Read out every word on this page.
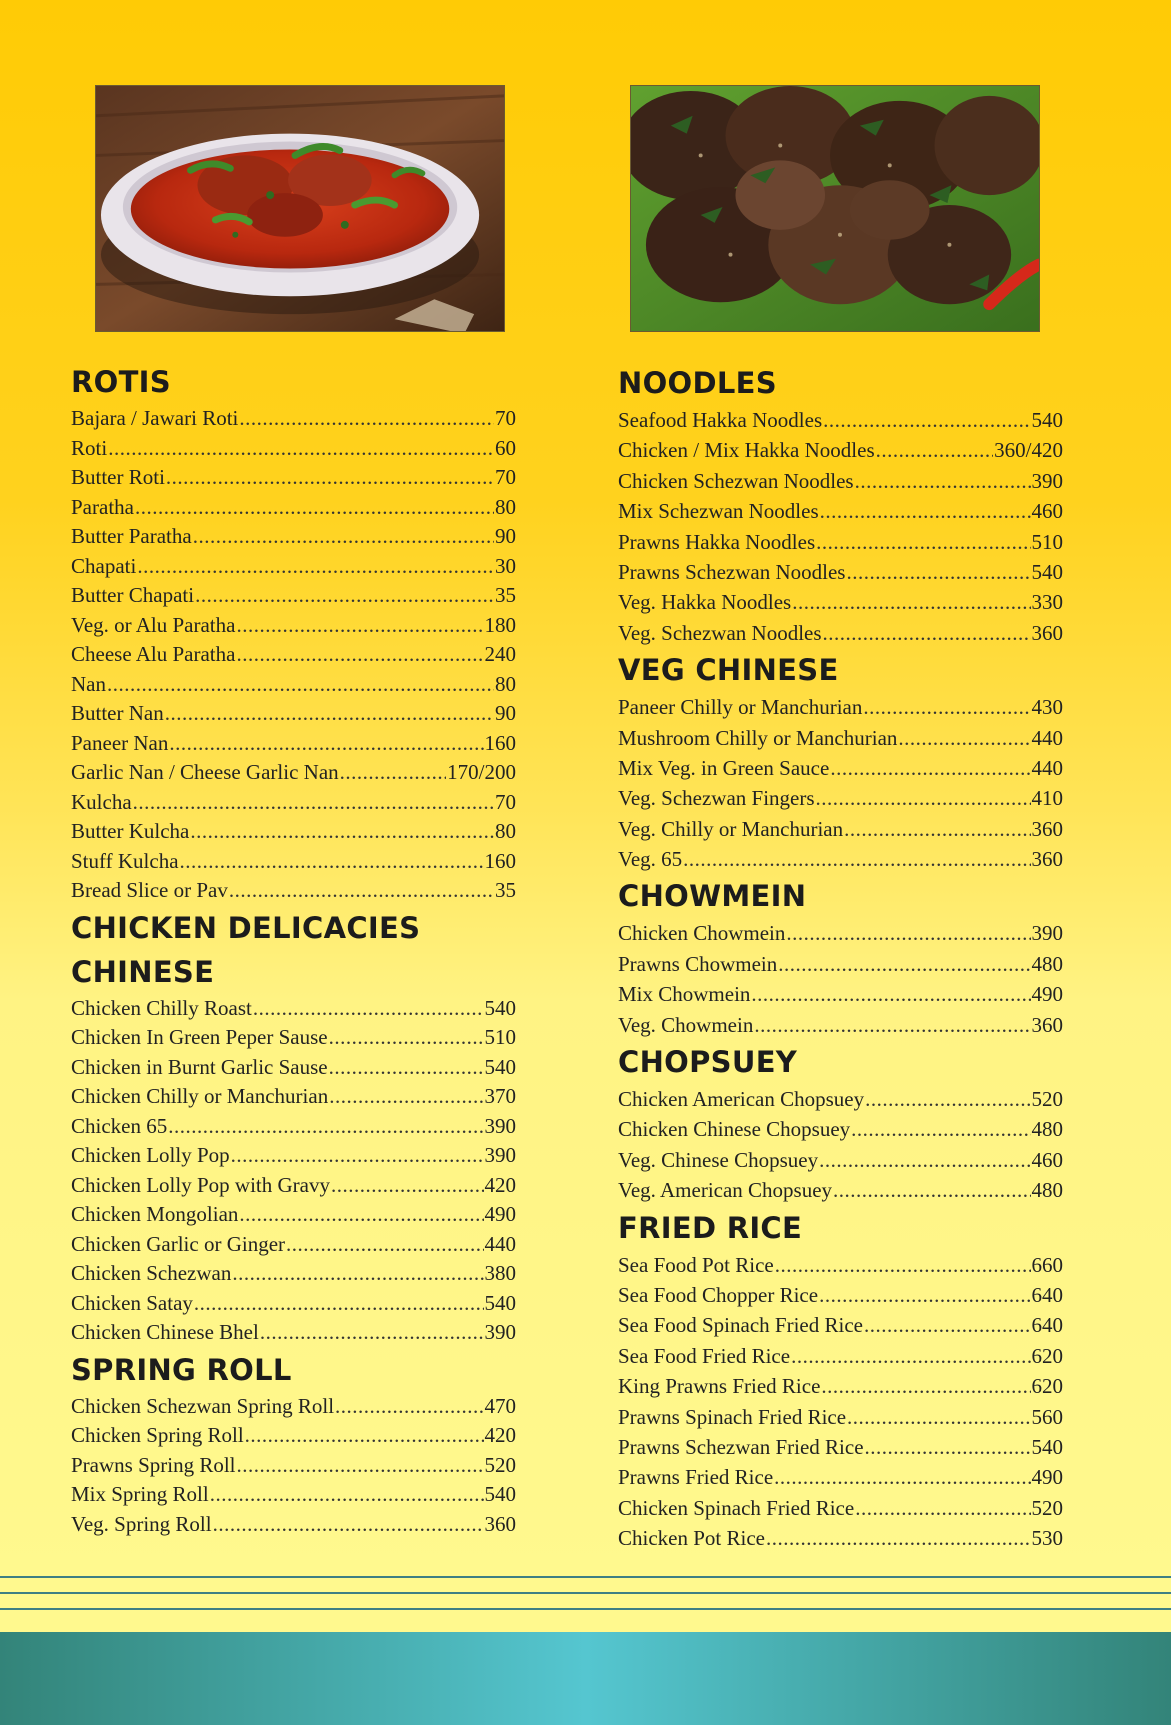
ROTIS
Bajara / Jawari Roti .....	70
Roti .....	60
Butter Roti .....	70
Paratha .....	80
Butter Paratha .....	90
Chapati .....	30
Butter Chapati .....	35
Veg. or Alu Paratha .....	180
Cheese Alu Paratha .....	240
Nan .....	80
Butter Nan .....	90
Paneer Nan .....	160
Garlic Nan / Cheese Garlic Nan .....	170/200
Kulcha .....	70
Butter Kulcha .....	80
Stuff Kulcha .....	160
Bread Slice or Pav .....	35
CHICKEN DELICACIES
CHINESE
Chicken Chilly Roast .....	540
Chicken In Green Peper Sause .....	510
Chicken in Burnt Garlic Sause .....	540
Chicken Chilly or Manchurian .....	370
Chicken 65 .....	390
Chicken Lolly Pop .....	390
Chicken Lolly Pop with Gravy .....	420
Chicken Mongolian .....	490
Chicken Garlic or Ginger .....	440
Chicken Schezwan .....	380
Chicken Satay .....	540
Chicken Chinese Bhel .....	390
SPRING ROLL
Chicken Schezwan Spring Roll .....	470
Chicken Spring Roll .....	420
Prawns Spring Roll .....	520
Mix Spring Roll .....	540
Veg. Spring Roll .....	360
NOODLES
Seafood Hakka Noodles .....	540
Chicken / Mix Hakka Noodles .....	360/420
Chicken Schezwan Noodles .....	390
Mix Schezwan Noodles .....	460
Prawns Hakka Noodles .....	510
Prawns Schezwan Noodles .....	540
Veg. Hakka Noodles .....	330
Veg. Schezwan Noodles .....	360
VEG CHINESE
Paneer Chilly or Manchurian .....	430
Mushroom Chilly or Manchurian .....	440
Mix Veg. in Green Sauce .....	440
Veg. Schezwan Fingers .....	410
Veg. Chilly or Manchurian .....	360
Veg. 65 .....	360
CHOWMEIN
Chicken Chowmein .....	390
Prawns Chowmein .....	480
Mix Chowmein .....	490
Veg. Chowmein .....	360
CHOPSUEY
Chicken American Chopsuey .....	520
Chicken Chinese Chopsuey .....	480
Veg. Chinese Chopsuey .....	460
Veg. American Chopsuey .....	480
FRIED RICE
Sea Food Pot Rice .....	660
Sea Food Chopper Rice .....	640
Sea Food Spinach Fried Rice .....	640
Sea Food Fried Rice .....	620
King Prawns Fried Rice .....	620
Prawns Spinach Fried Rice .....	560
Prawns Schezwan Fried Rice .....	540
Prawns Fried Rice .....	490
Chicken Spinach Fried Rice .....	520
Chicken Pot Rice .....	530
